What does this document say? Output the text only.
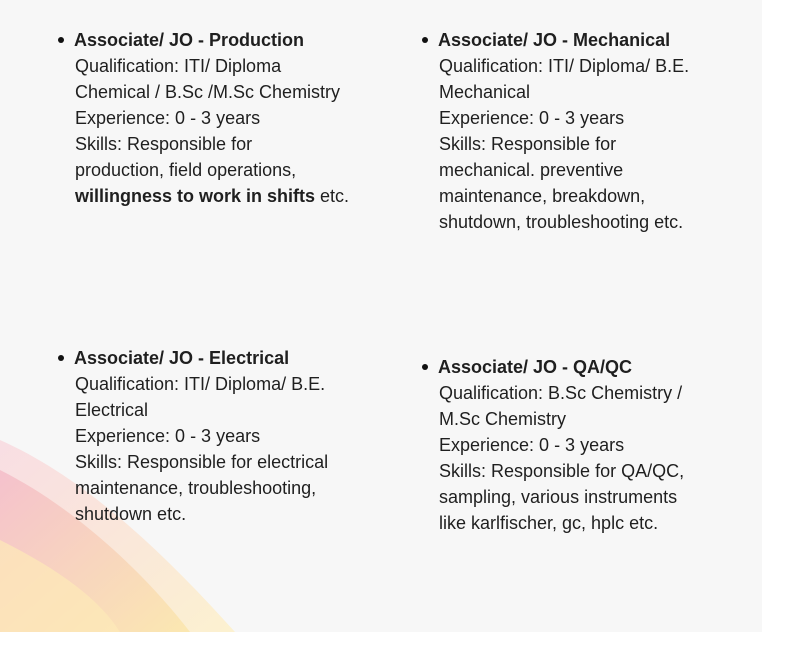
Associate/ JO - Production

Qualification: ITI/ Diploma

Chemical / B.Sc /M.Sc Chemistry

Experience: 0 - 3 years

Skills: Responsible for

production, field operations,

willingness to work in shifts etc.

Associate/ JO - Mechanical

Qualification: ITI/ Diploma/ B.E.

Mechanical

Experience: 0 - 3 years

Skills: Responsible for

mechanical. preventive

maintenance, breakdown,

shutdown, troubleshooting etc.

Associate/ JO - Electrical

Qualification: ITI/ Diploma/ B.E.

Electrical

Experience: 0 - 3 years

Skills: Responsible for electrical

maintenance, troubleshooting,

shutdown etc.

Associate/ JO - QA/QC

Qualification: B.Sc Chemistry /

M.Sc Chemistry

Experience: 0 - 3 years

Skills: Responsible for QA/QC,

sampling, various instruments

like karlfischer, gc, hplc etc.
